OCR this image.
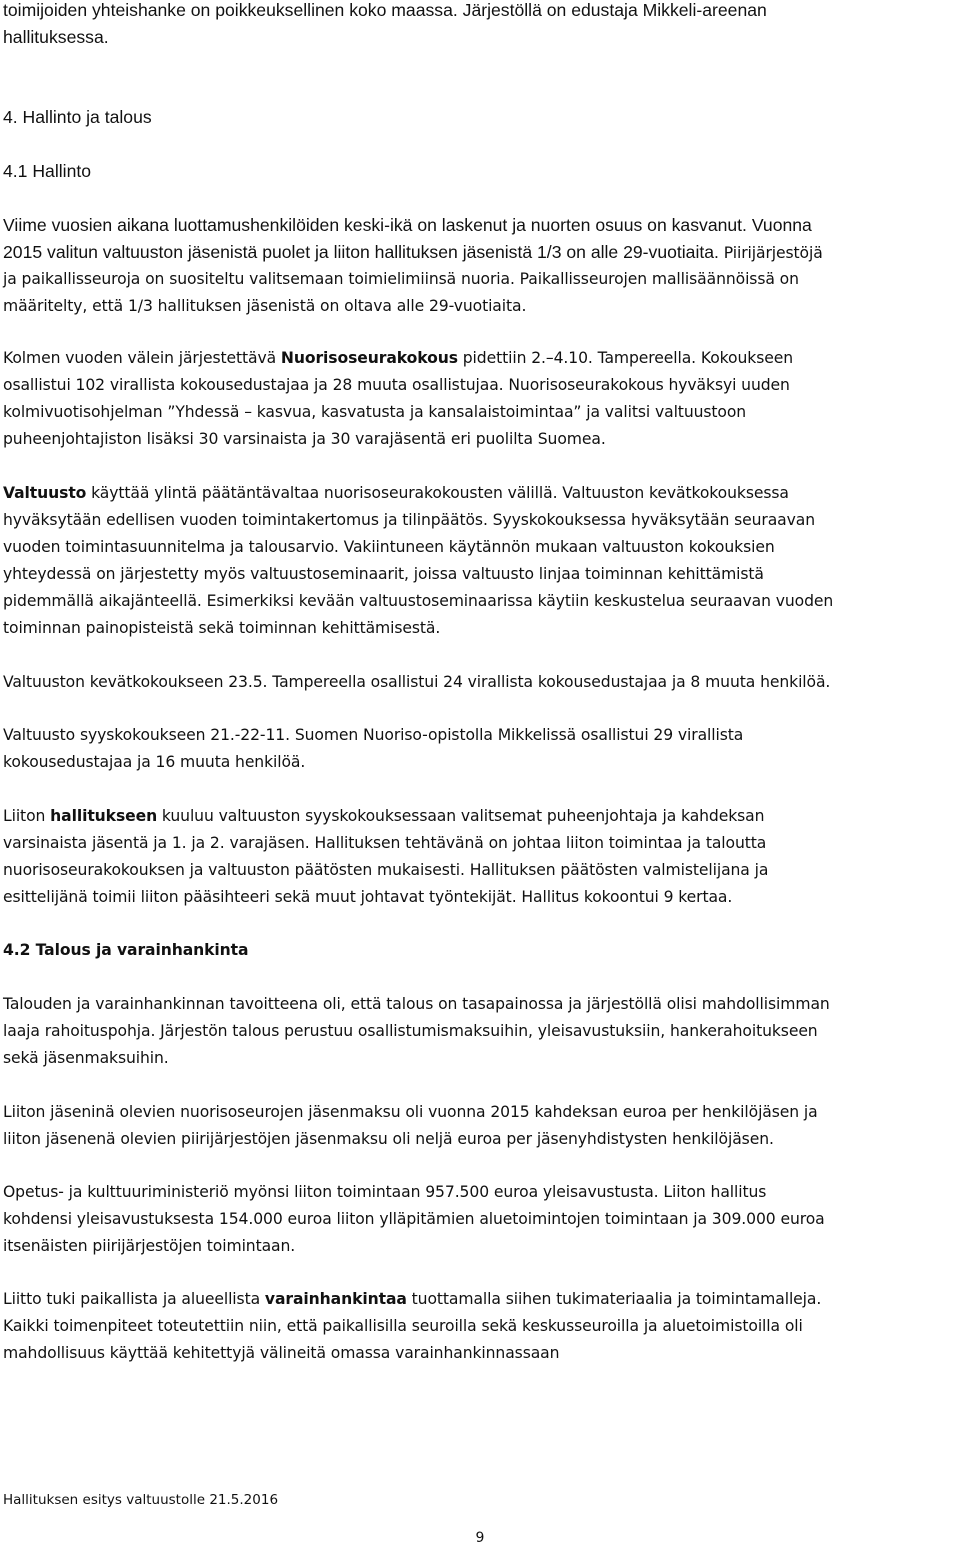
toimijoiden yhteishanke on poikkeuksellinen koko maassa. Järjestöllä on edustaja Mikkeli-areenan
hallituksessa.
4. Hallinto ja talous
4.1 Hallinto
Viime vuosien aikana luottamushenkilöiden keski-ikä on laskenut ja nuorten osuus on kasvanut. Vuonna
2015 valitun valtuuston jäsenistä puolet ja liiton hallituksen jäsenistä 1/3 on alle 29-vuotiaita. Piirijärjestöjä
ja paikallisseuroja on suositeltu valitsemaan toimielimiinsä nuoria. Paikallisseurojen mallisäännöissä on
määritelty, että 1/3 hallituksen jäsenistä on oltava alle 29-vuotiaita.
Kolmen vuoden välein järjestettävä Nuorisoseurakokous pidettiin 2.–4.10. Tampereella. Kokoukseen
osallistui 102 virallista kokousedustajaa ja 28 muuta osallistujaa. Nuorisoseurakokous hyväksyi uuden
kolmivuotisohjelman ”Yhdessä – kasvua, kasvatusta ja kansalaistoimintaa” ja valitsi valtuustoon
puheenjohtajiston lisäksi 30 varsinaista ja 30 varajäsentä eri puolilta Suomea.
Valtuusto käyttää ylintä päätäntävaltaa nuorisoseurakokousten välillä. Valtuuston kevätkokouksessa
hyväksytään edellisen vuoden toimintakertomus ja tilinpäätös. Syyskokouksessa hyväksytään seuraavan
vuoden toimintasuunnitelma ja talousarvio. Vakiintuneen käytännön mukaan valtuuston kokouksien
yhteydessä on järjestetty myös valtuustoseminaarit, joissa valtuusto linjaa toiminnan kehittämistä
pidemmällä aikajänteellä. Esimerkiksi kevään valtuustoseminaarissa käytiin keskustelua seuraavan vuoden
toiminnan painopisteistä sekä toiminnan kehittämisestä.
Valtuuston kevätkokoukseen 23.5. Tampereella osallistui 24 virallista kokousedustajaa ja 8 muuta henkilöä.
Valtuusto syyskokoukseen 21.-22-11. Suomen Nuoriso-opistolla Mikkelissä osallistui 29 virallista
kokousedustajaa ja 16 muuta henkilöä.
Liiton hallitukseen kuuluu valtuuston syyskokouksessaan valitsemat puheenjohtaja ja kahdeksan
varsinaista jäsentä ja 1. ja 2. varajäsen. Hallituksen tehtävänä on johtaa liiton toimintaa ja taloutta
nuorisoseurakokouksen ja valtuuston päätösten mukaisesti. Hallituksen päätösten valmistelijana ja
esittelijänä toimii liiton pääsihteeri sekä muut johtavat työntekijät. Hallitus kokoontui 9 kertaa.
4.2 Talous ja varainhankinta
Talouden ja varainhankinnan tavoitteena oli, että talous on tasapainossa ja järjestöllä olisi mahdollisimman
laaja rahoituspohja. Järjestön talous perustuu osallistumismaksuihin, yleisavustuksiin, hankerahoitukseen
sekä jäsenmaksuihin.
Liiton jäseninä olevien nuorisoseurojen jäsenmaksu oli vuonna 2015 kahdeksan euroa per henkilöjäsen ja
liiton jäsenenä olevien piirijärjestöjen jäsenmaksu oli neljä euroa per jäsenyhdistysten henkilöjäsen.
Opetus- ja kulttuuriministeriö myönsi liiton toimintaan 957.500 euroa yleisavustusta. Liiton hallitus
kohdensi yleisavustuksesta 154.000 euroa liiton ylläpitämien aluetoimintojen toimintaan ja 309.000 euroa
itsenäisten piirijärjestöjen toimintaan.
Liitto tuki paikallista ja alueellista varainhankintaa tuottamalla siihen tukimateriaalia ja toimintamalleja.
Kaikki toimenpiteet toteutettiin niin, että paikallisilla seuroilla sekä keskusseuroilla ja aluetoimistoilla oli
mahdollisuus käyttää kehitettyjä välineitä omassa varainhankinnassaan
Hallituksen esitys valtuustolle 21.5.2016
9
